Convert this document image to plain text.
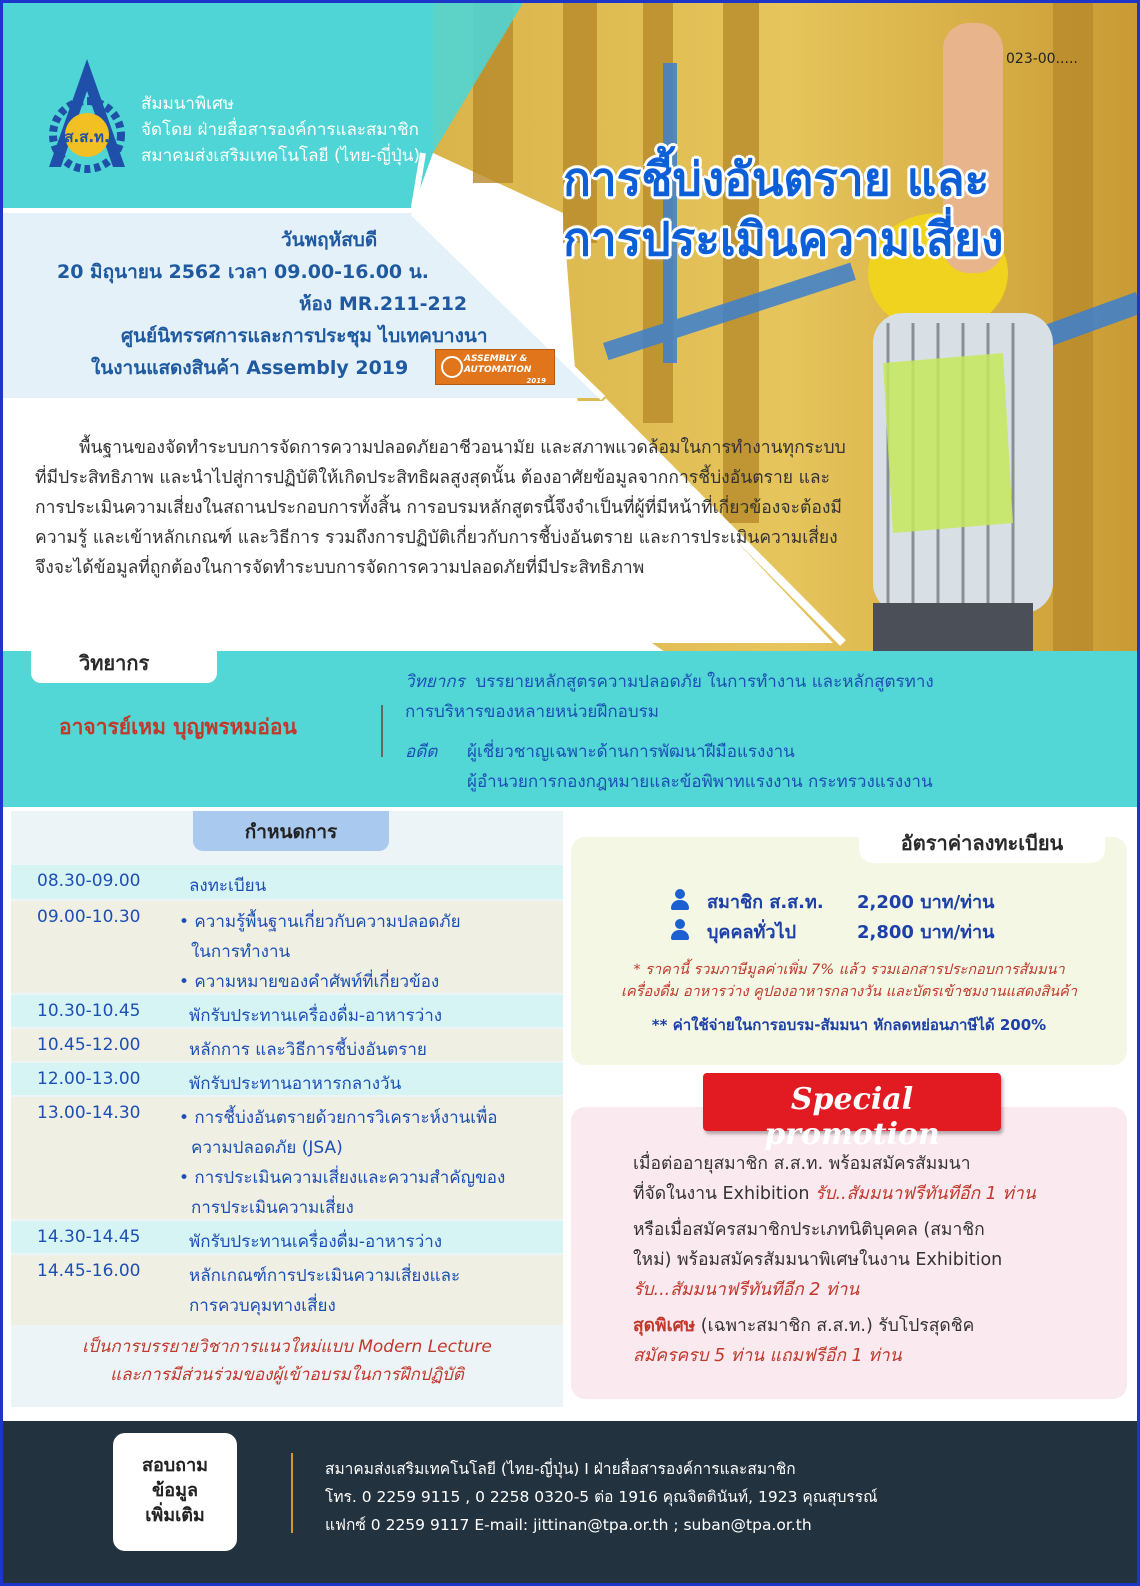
ส.ส.ท.
สัมมนาพิเศษ
จัดโดย ฝ่ายสื่อสารองค์การและสมาชิก
สมาคมส่งเสริมเทคโนโลยี (ไทย-ญี่ปุ่น)
023-00.....
การชี้บ่งอันตราย และ
การประเมินความเสี่ยง
วันพฤหัสบดี
20 มิถุนายน 2562 เวลา 09.00-16.00 น.
ห้อง MR.211-212
ศูนย์นิทรรศการและการประชุม ไบเทคบางนา
ในงานแสดงสินค้า Assembly 2019	ASSEMBLY &
AUTOMATION
2019

พื้นฐานของจัดทำระบบการจัดการความปลอดภัยอาชีวอนามัย และสภาพแวดล้อมในการทำงานทุกระบบที่มีประสิทธิภาพ และนำไปสู่การปฏิบัติให้เกิดประสิทธิผลสูงสุดนั้น ต้องอาศัยข้อมูลจากการชี้บ่งอันตราย และการประเมินความเสี่ยงในสถานประกอบการทั้งสิ้น การอบรมหลักสูตรนี้จึงจำเป็นที่ผู้ที่มีหน้าที่เกี่ยวข้องจะต้องมีความรู้ และเข้าหลักเกณฑ์ และวิธีการ รวมถึงการปฏิบัติเกี่ยวกับการชี้บ่งอันตราย และการประเมินความเสี่ยง จึงจะได้ข้อมูลที่ถูกต้องในการจัดทำระบบการจัดการความปลอดภัยที่มีประสิทธิภาพ

วิทยากร
อาจารย์เหม บุญพรหมอ่อน
วิทยากร บรรยายหลักสูตรความปลอดภัย ในการทำงาน และหลักสูตรทาง
การบริหารของหลายหน่วยฝึกอบรม
อดีต ผู้เชี่ยวชาญเฉพาะด้านการพัฒนาฝีมือแรงงาน
ผู้อำนวยการกองกฎหมายและข้อพิพาทแรงงาน กระทรวงแรงงาน
กำหนดการ
08.30-09.00	ลงทะเบียน
09.00-10.30 • ความรู้พื้นฐานเกี่ยวกับความปลอดภัย
ในการทำงาน
• ความหมายของคำศัพท์ที่เกี่ยวข้อง
10.30-10.45	พักรับประทานเครื่องดื่ม-อาหารว่าง
10.45-12.00	หลักการ และวิธีการชี้บ่งอันตราย
12.00-13.00	พักรับประทานอาหารกลางวัน
13.00-14.30 • การชี้บ่งอันตรายด้วยการวิเคราะห์งานเพื่อ
ความปลอดภัย (JSA)
• การประเมินความเสี่ยงและความสำคัญของ
การประเมินความเสี่ยง
14.30-14.45	พักรับประทานเครื่องดื่ม-อาหารว่าง
14.45-16.00	หลักเกณฑ์การประเมินความเสี่ยงและ
การควบคุมทางเสี่ยง
เป็นการบรรยายวิชาการแนวใหม่แบบ Modern Lecture
และการมีส่วนร่วมของผู้เข้าอบรมในการฝึกปฏิบัติ
อัตราค่าลงทะเบียน
สมาชิก ส.ส.ท. 2,200 บาท/ท่าน
บุคคลทั่วไป	2,800 บาท/ท่าน
* ราคานี้ รวมภาษีมูลค่าเพิ่ม 7% แล้ว รวมเอกสารประกอบการสัมมนา
เครื่องดื่ม อาหารว่าง คูปองอาหารกลางวัน และบัตรเข้าชมงานแสดงสินค้า
** ค่าใช้จ่ายในการอบรม-สัมมนา หักลดหย่อนภาษีได้ 200%
Special promotion

เมื่อต่ออายุสมาชิก ส.ส.ท. พร้อมสมัครสัมมนา
ที่จัดในงาน Exhibition รับ..สัมมนาฟรีทันทีอีก 1 ท่าน

หรือเมื่อสมัครสมาชิกประเภทนิติบุคคล (สมาชิก
ใหม่) พร้อมสมัครสัมมนาพิเศษในงาน Exhibition
รับ...สัมมนาฟรีทันทีอีก 2 ท่าน

สุดพิเศษ (เฉพาะสมาชิก ส.ส.ท.) รับโปรสุดชิค
สมัครครบ 5 ท่าน แถมฟรีอีก 1 ท่าน

สอบถาม
ข้อมูล
เพิ่มเติม
สมาคมส่งเสริมเทคโนโลยี (ไทย-ญี่ปุ่น) I ฝ่ายสื่อสารองค์การและสมาชิก
โทร. 0 2259 9115 , 0 2258 0320-5 ต่อ 1916 คุณจิตตินันท์, 1923 คุณสุบรรณ์
แฟกซ์ 0 2259 9117 E-mail: jittinan@tpa.or.th ; suban@tpa.or.th
